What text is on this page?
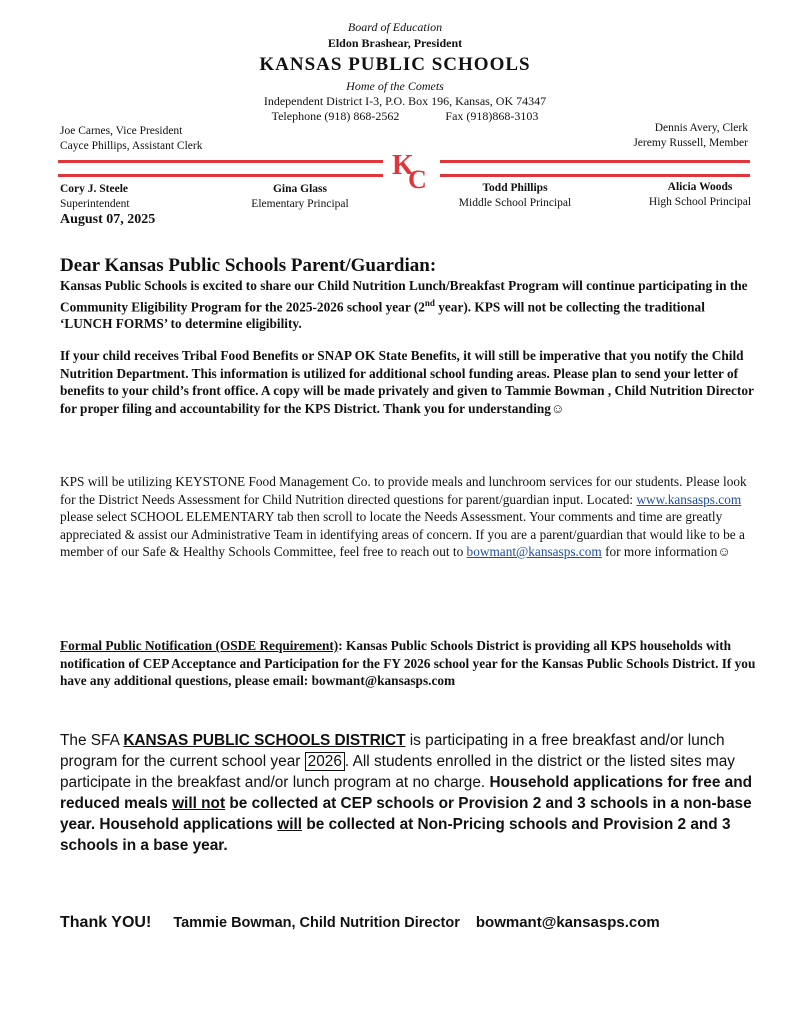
Board of Education
Eldon Brashear, President
KANSAS PUBLIC SCHOOLS
Home of the Comets
Independent District I-3, P.O. Box 196, Kansas, OK 74347
Telephone (918) 868-2562	Fax (918)868-3103
Joe Carnes, Vice President
Cayce Phillips, Assistant Clerk
Dennis Avery, Clerk
Jeremy Russell, Member
K
C
Cory J. Steele
Superintendent
Gina Glass
Elementary Principal
Todd Phillips
Middle School Principal
Alicia Woods
High School Principal
August 07, 2025
Dear Kansas Public Schools Parent/Guardian:
Kansas Public Schools is excited to share our Child Nutrition Lunch/Breakfast Program will continue participating in the Community Eligibility Program for the 2025-2026 school year (2nd year). KPS will not be collecting the traditional ‘LUNCH FORMS’ to determine eligibility.
If your child receives Tribal Food Benefits or SNAP OK State Benefits, it will still be imperative that you notify the Child Nutrition Department. This information is utilized for additional school funding areas. Please plan to send your letter of benefits to your child’s front office. A copy will be made privately and given to Tammie Bowman , Child Nutrition Director for proper filing and accountability for the KPS District. Thank you for understanding☺
KPS will be utilizing KEYSTONE Food Management Co. to provide meals and lunchroom services for our students. Please look for the District Needs Assessment for Child Nutrition directed questions for parent/guardian input. Located: www.kansasps.com please select SCHOOL ELEMENTARY tab then scroll to locate the Needs Assessment. Your comments and time are greatly appreciated & assist our Administrative Team in identifying areas of concern. If you are a parent/guardian that would like to be a member of our Safe & Healthy Schools Committee, feel free to reach out to bowmant@kansasps.com for more information☺
Formal Public Notification (OSDE Requirement): Kansas Public Schools District is providing all KPS households with notification of CEP Acceptance and Participation for the FY 2026 school year for the Kansas Public Schools District. If you have any additional questions, please email: bowmant@kansasps.com
The SFA KANSAS PUBLIC SCHOOLS DISTRICT is participating in a free breakfast and/or lunch program for the current school year 2026 . All students enrolled in the district or the listed sites may participate in the breakfast and/or lunch program at no charge. Household applications for free and reduced meals will not be collected at CEP schools or Provision 2 and 3 schools in a non-base year. Household applications will be collected at Non-Pricing schools and Provision 2 and 3 schools in a base year.
Thank YOU! Tammie Bowman, Child Nutrition Director bowmant@kansasps.com
